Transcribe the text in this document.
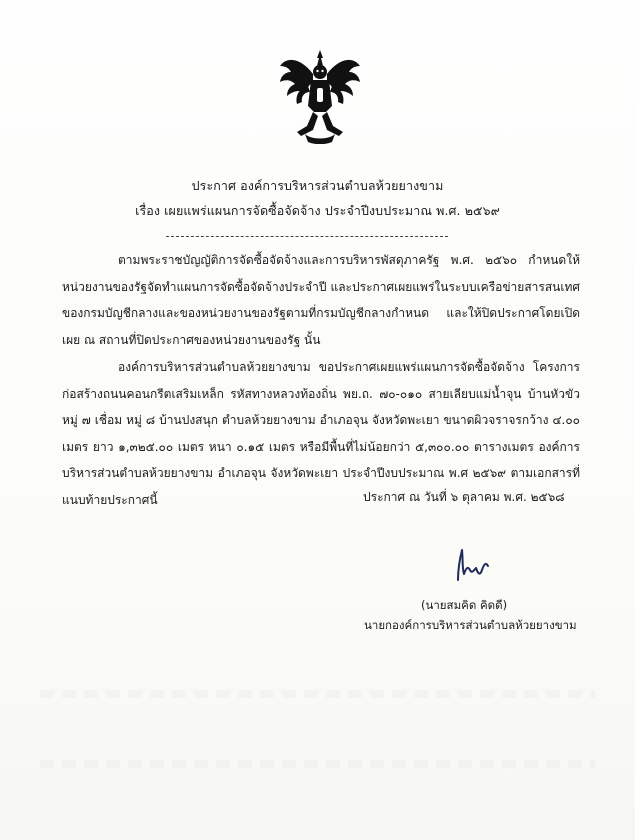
ประกาศ องค์การบริหารส่วนตำบลห้วยยางขาม
เรื่อง เผยแพร่แผนการจัดซื้อจัดจ้าง ประจำปีงบประมาณ พ.ศ. ๒๕๖๙
ตามพระราชบัญญัติการจัดซื้อจัดจ้างและการบริหารพัสดุภาครัฐ พ.ศ. ๒๕๖๐ กำหนดให้หน่วยงานของรัฐจัดทำแผนการจัดซื้อจัดจ้างประจำปี และประกาศเผยแพร่ในระบบเครือข่ายสารสนเทศของกรมบัญชีกลางและของหน่วยงานของรัฐตามที่กรมบัญชีกลางกำหนด และให้ปิดประกาศโดยเปิดเผย ณ สถานที่ปิดประกาศของหน่วยงานของรัฐ นั้น
องค์การบริหารส่วนตำบลห้วยยางขาม ขอประกาศเผยแพร่แผนการจัดซื้อจัดจ้าง โครงการก่อสร้างถนนคอนกรีตเสริมเหล็ก รหัสทางหลวงท้องถิ่น พย.ถ. ๗๐-๐๑๐ สายเลียบแม่น้ำจุน บ้านหัวขัว หมู่ ๗ เชื่อม หมู่ ๘ บ้านปงสนุก ตำบลห้วยยางขาม อำเภอจุน จังหวัดพะเยา ขนาดผิวจราจรกว้าง ๔.๐๐ เมตร ยาว ๑,๓๒๕.๐๐ เมตร หนา ๐.๑๕ เมตร หรือมีพื้นที่ไม่น้อยกว่า ๕,๓๐๐.๐๐ ตารางเมตร องค์การบริหารส่วนตำบลห้วยยางขาม อำเภอจุน จังหวัดพะเยา ประจำปีงบประมาณ พ.ศ ๒๕๖๙ ตามเอกสารที่แนบท้ายประกาศนี้	ประกาศ ณ วันที่ ๖ ตุลาคม พ.ศ. ๒๕๖๘
(นายสมคิด คิดดี)
นายกองค์การบริหารส่วนตำบลห้วยยางขาม
